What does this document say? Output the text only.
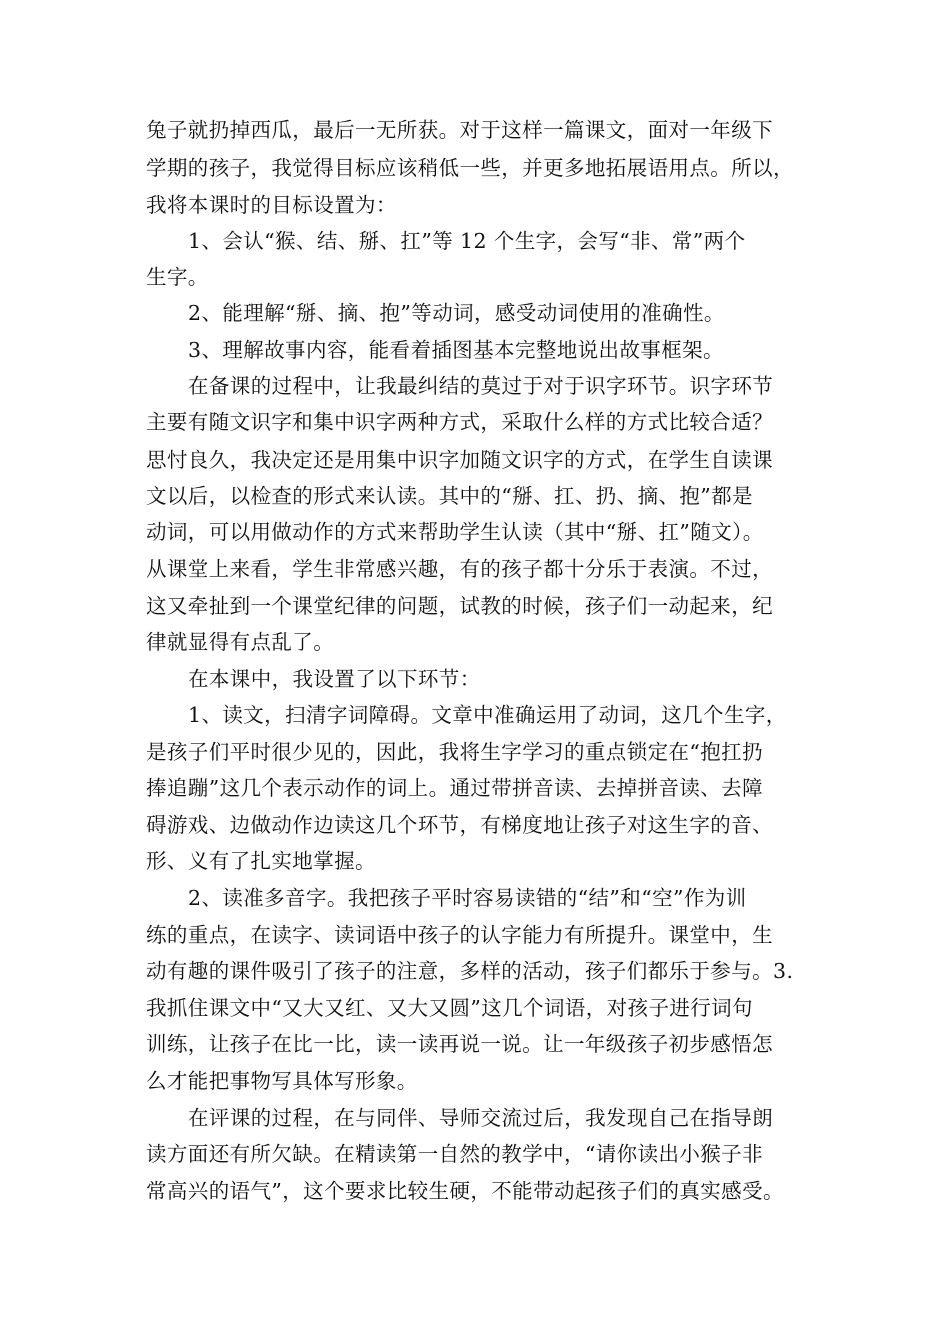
兔子就扔掉西瓜，最后一无所获。对于这样一篇课文，面对一年级下
学期的孩子，我觉得目标应该稍低一些，并更多地拓展语用点。所以，
我将本课时的目标设置为：
1、会认“猴、结、掰、扛”等 12 个生字，会写“非、常”两个
生字。
2、能理解“掰、摘、抱”等动词，感受动词使用的准确性。
3、理解故事内容，能看着插图基本完整地说出故事框架。
在备课的过程中，让我最纠结的莫过于对于识字环节。识字环节
主要有随文识字和集中识字两种方式，采取什么样的方式比较合适？
思忖良久，我决定还是用集中识字加随文识字的方式，在学生自读课
文以后，以检查的形式来认读。其中的“掰、扛、扔、摘、抱”都是
动词，可以用做动作的方式来帮助学生认读（其中“掰、扛”随文）。
从课堂上来看，学生非常感兴趣，有的孩子都十分乐于表演。不过，
这又牵扯到一个课堂纪律的问题，试教的时候，孩子们一动起来，纪
律就显得有点乱了。
在本课中，我设置了以下环节：
1、读文，扫清字词障碍。文章中准确运用了动词，这几个生字，
是孩子们平时很少见的，因此，我将生字学习的重点锁定在“抱扛扔
捧追蹦”这几个表示动作的词上。通过带拼音读、去掉拼音读、去障
碍游戏、边做动作边读这几个环节，有梯度地让孩子对这生字的音、
形、义有了扎实地掌握。
2、读准多音字。我把孩子平时容易读错的“结”和“空”作为训
练的重点，在读字、读词语中孩子的认字能力有所提升。课堂中，生
动有趣的课件吸引了孩子的注意，多样的活动，孩子们都乐于参与。3.
我抓住课文中“又大又红、又大又圆”这几个词语，对孩子进行词句
训练，让孩子在比一比，读一读再说一说。让一年级孩子初步感悟怎
么才能把事物写具体写形象。
在评课的过程，在与同伴、导师交流过后，我发现自己在指导朗
读方面还有所欠缺。在精读第一自然的教学中，“请你读出小猴子非
常高兴的语气”，这个要求比较生硬，不能带动起孩子们的真实感受。
